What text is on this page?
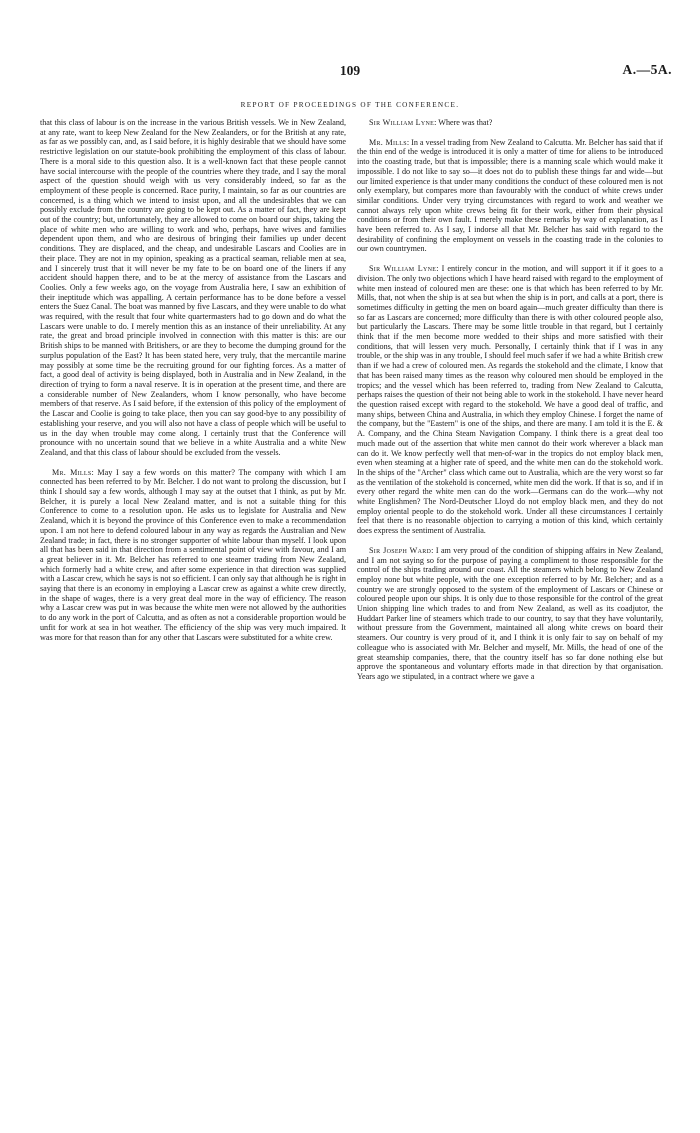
109	A.—5A.
REPORT OF PROCEEDINGS OF THE CONFERENCE.

that this class of labour is on the increase in the various British vessels. We in New Zealand, at any rate, want to keep New Zealand for the New Zealanders, or for the British at any rate, as far as we possibly can, and, as I said before, it is highly desirable that we should have some restrictive legislation on our statute-book prohibiting the employment of this class of labour. There is a moral side to this question also. It is a well-known fact that these people cannot have social intercourse with the people of the countries where they trade, and I say the moral aspect of the question should weigh with us very considerably indeed, so far as the employment of these people is concerned. Race purity, I maintain, so far as our countries are concerned, is a thing which we intend to insist upon, and all the undesirables that we can possibly exclude from the country are going to be kept out. As a matter of fact, they are kept out of the country; but, unfortunately, they are allowed to come on board our ships, taking the place of white men who are willing to work and who, perhaps, have wives and families dependent upon them, and who are desirous of bringing their families up under decent conditions. They are displaced, and the cheap, and undesirable Lascars and Coolies are in their place. They are not in my opinion, speaking as a practical seaman, reliable men at sea, and I sincerely trust that it will never be my fate to be on board one of the liners if any accident should happen there, and to be at the mercy of assistance from the Lascars and Coolies. Only a few weeks ago, on the voyage from Australia here, I saw an exhibition of their ineptitude which was appalling. A certain performance has to be done before a vessel enters the Suez Canal. The boat was manned by five Lascars, and they were unable to do what was required, with the result that four white quartermasters had to go down and do what the Lascars were unable to do. I merely mention this as an instance of their unreliability. At any rate, the great and broad principle involved in connection with this matter is this: are our British ships to be manned with Britishers, or are they to become the dumping ground for the surplus population of the East? It has been stated here, very truly, that the mercantile marine may possibly at some time be the recruiting ground for our fighting forces. As a matter of fact, a good deal of activity is being displayed, both in Australia and in New Zealand, in the direction of trying to form a naval reserve. It is in operation at the present time, and there are a considerable number of New Zealanders, whom I know personally, who have become members of that reserve. As I said before, if the extension of this policy of the employment of the Lascar and Coolie is going to take place, then you can say good-bye to any possibility of establishing your reserve, and you will also not have a class of people which will be useful to us in the day when trouble may come along. I certainly trust that the Conference will pronounce with no uncertain sound that we believe in a white Australia and a white New Zealand, and that this class of labour should be excluded from the vessels.

Mr. Mills: May I say a few words on this matter? The company with which I am connected has been referred to by Mr. Belcher. I do not want to prolong the discussion, but I think I should say a few words, although I may say at the outset that I think, as put by Mr. Belcher, it is purely a local New Zealand matter, and is not a suitable thing for this Conference to come to a resolution upon. He asks us to legislate for Australia and New Zealand, which it is beyond the province of this Conference even to make a recommendation upon. I am not here to defend coloured labour in any way as regards the Australian and New Zealand trade; in fact, there is no stronger supporter of white labour than myself. I look upon all that has been said in that direction from a sentimental point of view with favour, and I am a great believer in it. Mr. Belcher has referred to one steamer trading from New Zealand, which formerly had a white crew, and after some experience in that direction was supplied with a Lascar crew, which he says is not so efficient. I can only say that although he is right in saying that there is an economy in employing a Lascar crew as against a white crew directly, in the shape of wages, there is a very great deal more in the way of efficiency. The reason why a Lascar crew was put in was because the white men were not allowed by the authorities to do any work in the port of Calcutta, and as often as not a considerable proportion would be unfit for work at sea in hot weather. The efficiency of the ship was very much impaired. It was more for that reason than for any other that Lascars were substituted for a white crew.

Sir William Lyne: Where was that?

Mr. Mills: In a vessel trading from New Zealand to Calcutta. Mr. Belcher has said that if the thin end of the wedge is introduced it is only a matter of time for aliens to be introduced into the coasting trade, but that is impossible; there is a manning scale which would make it impossible. I do not like to say so—it does not do to publish these things far and wide—but our limited experience is that under many conditions the conduct of these coloured men is not only exemplary, but compares more than favourably with the conduct of white crews under similar conditions. Under very trying circumstances with regard to work and weather we cannot always rely upon white crews being fit for their work, either from their physical conditions or from their own fault. I merely make these remarks by way of explanation, as I have been referred to. As I say, I indorse all that Mr. Belcher has said with regard to the desirability of confining the employment on vessels in the coasting trade in the colonies to our own countrymen.

Sir William Lyne: I entirely concur in the motion, and will support it if it goes to a division. The only two objections which I have heard raised with regard to the employment of white men instead of coloured men are these: one is that which has been referred to by Mr. Mills, that, not when the ship is at sea but when the ship is in port, and calls at a port, there is sometimes difficulty in getting the men on board again—much greater difficulty than there is so far as Lascars are concerned; more difficulty than there is with other coloured people also, but particularly the Lascars. There may be some little trouble in that regard, but I certainly think that if the men become more wedded to their ships and more satisfied with their conditions, that will lessen very much. Personally, I certainly think that if I was in any trouble, or the ship was in any trouble, I should feel much safer if we had a white British crew than if we had a crew of coloured men. As regards the stokehold and the climate, I know that that has been raised many times as the reason why coloured men should be employed in the tropics; and the vessel which has been referred to, trading from New Zealand to Calcutta, perhaps raises the question of their not being able to work in the stokehold. I have never heard the question raised except with regard to the stokehold. We have a good deal of traffic, and many ships, between China and Australia, in which they employ Chinese. I forget the name of the company, but the "Eastern" is one of the ships, and there are many. I am told it is the E. & A. Company, and the China Steam Navigation Company. I think there is a great deal too much made out of the assertion that white men cannot do their work wherever a black man can do it. We know perfectly well that men-of-war in the tropics do not employ black men, even when steaming at a higher rate of speed, and the white men can do the stokehold work. In the ships of the "Archer" class which came out to Australia, which are the very worst so far as the ventilation of the stokehold is concerned, white men did the work. If that is so, and if in every other regard the white men can do the work—Germans can do the work—why not white Englishmen? The Nord-Deutscher Lloyd do not employ black men, and they do not employ oriental people to do the stokehold work. Under all these circumstances I certainly feel that there is no reasonable objection to carrying a motion of this kind, which certainly does express the sentiment of Australia.

Sir Joseph Ward: I am very proud of the condition of shipping affairs in New Zealand, and I am not saying so for the purpose of paying a compliment to those responsible for the control of the ships trading around our coast. All the steamers which belong to New Zealand employ none but white people, with the one exception referred to by Mr. Belcher; and as a country we are strongly opposed to the system of the employment of Lascars or Chinese or coloured people upon our ships. It is only due to those responsible for the control of the great Union shipping line which trades to and from New Zealand, as well as its coadjutor, the Huddart Parker line of steamers which trade to our country, to say that they have voluntarily, without pressure from the Government, maintained all along white crews on board their steamers. Our country is very proud of it, and I think it is only fair to say on behalf of my colleague who is associated with Mr. Belcher and myself, Mr. Mills, the head of one of the great steamship companies, there, that the country itself has so far done nothing else but approve the spontaneous and voluntary efforts made in that direction by that organisation. Years ago we stipulated, in a contract where we gave a
